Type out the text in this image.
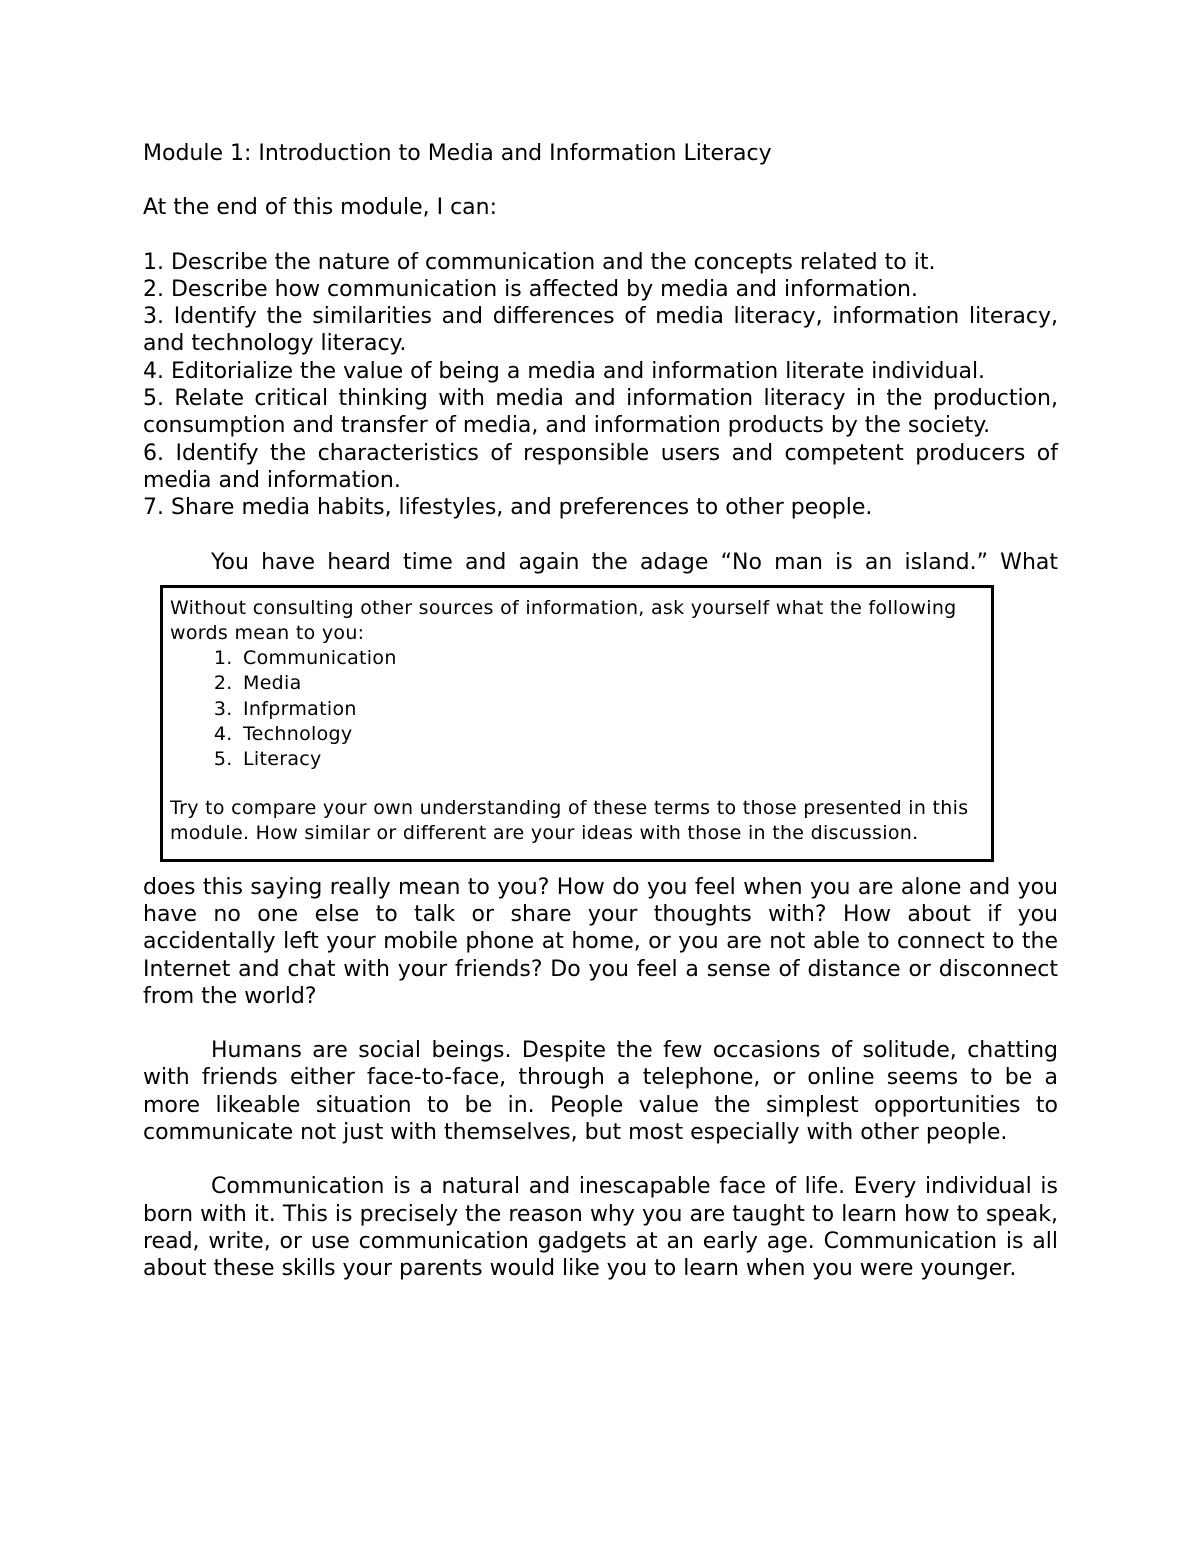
Module 1: Introduction to Media and Information Literacy

At the end of this module, I can:

1. Describe the nature of communication and the concepts related to it.
2. Describe how communication is affected by media and information.
3. Identify the similarities and differences of media literacy, information literacy, and technology literacy.
4. Editorialize the value of being a media and information literate individual.
5. Relate critical thinking with media and information literacy in the production, consumption and transfer of media, and information products by the society.
6. Identify the characteristics of responsible users and competent producers of media and information.
7. Share media habits, lifestyles, and preferences to other people.

You have heard time and again the adage “No man is an island.” What

Without consulting other sources of information, ask yourself what the following words mean to you:

1. Communication
2. Media
3. Infprmation
4. Technology
5. Literacy

Try to compare your own understanding of these terms to those presented in this module. How similar or different are your ideas with those in the discussion.

does this saying really mean to you? How do you feel when you are alone and you have no one else to talk or share your thoughts with? How about if you accidentally left your mobile phone at home, or you are not able to connect to the Internet and chat with your friends? Do you feel a sense of distance or disconnect from the world?

Humans are social beings. Despite the few occasions of solitude, chatting with friends either face-to-face, through a telephone, or online seems to be a more likeable situation to be in. People value the simplest opportunities to communicate not just with themselves, but most especially with other people.

Communication is a natural and inescapable face of life. Every individual is born with it. This is precisely the reason why you are taught to learn how to speak, read, write, or use communication gadgets at an early age. Communication is all about these skills your parents would like you to learn when you were younger.
